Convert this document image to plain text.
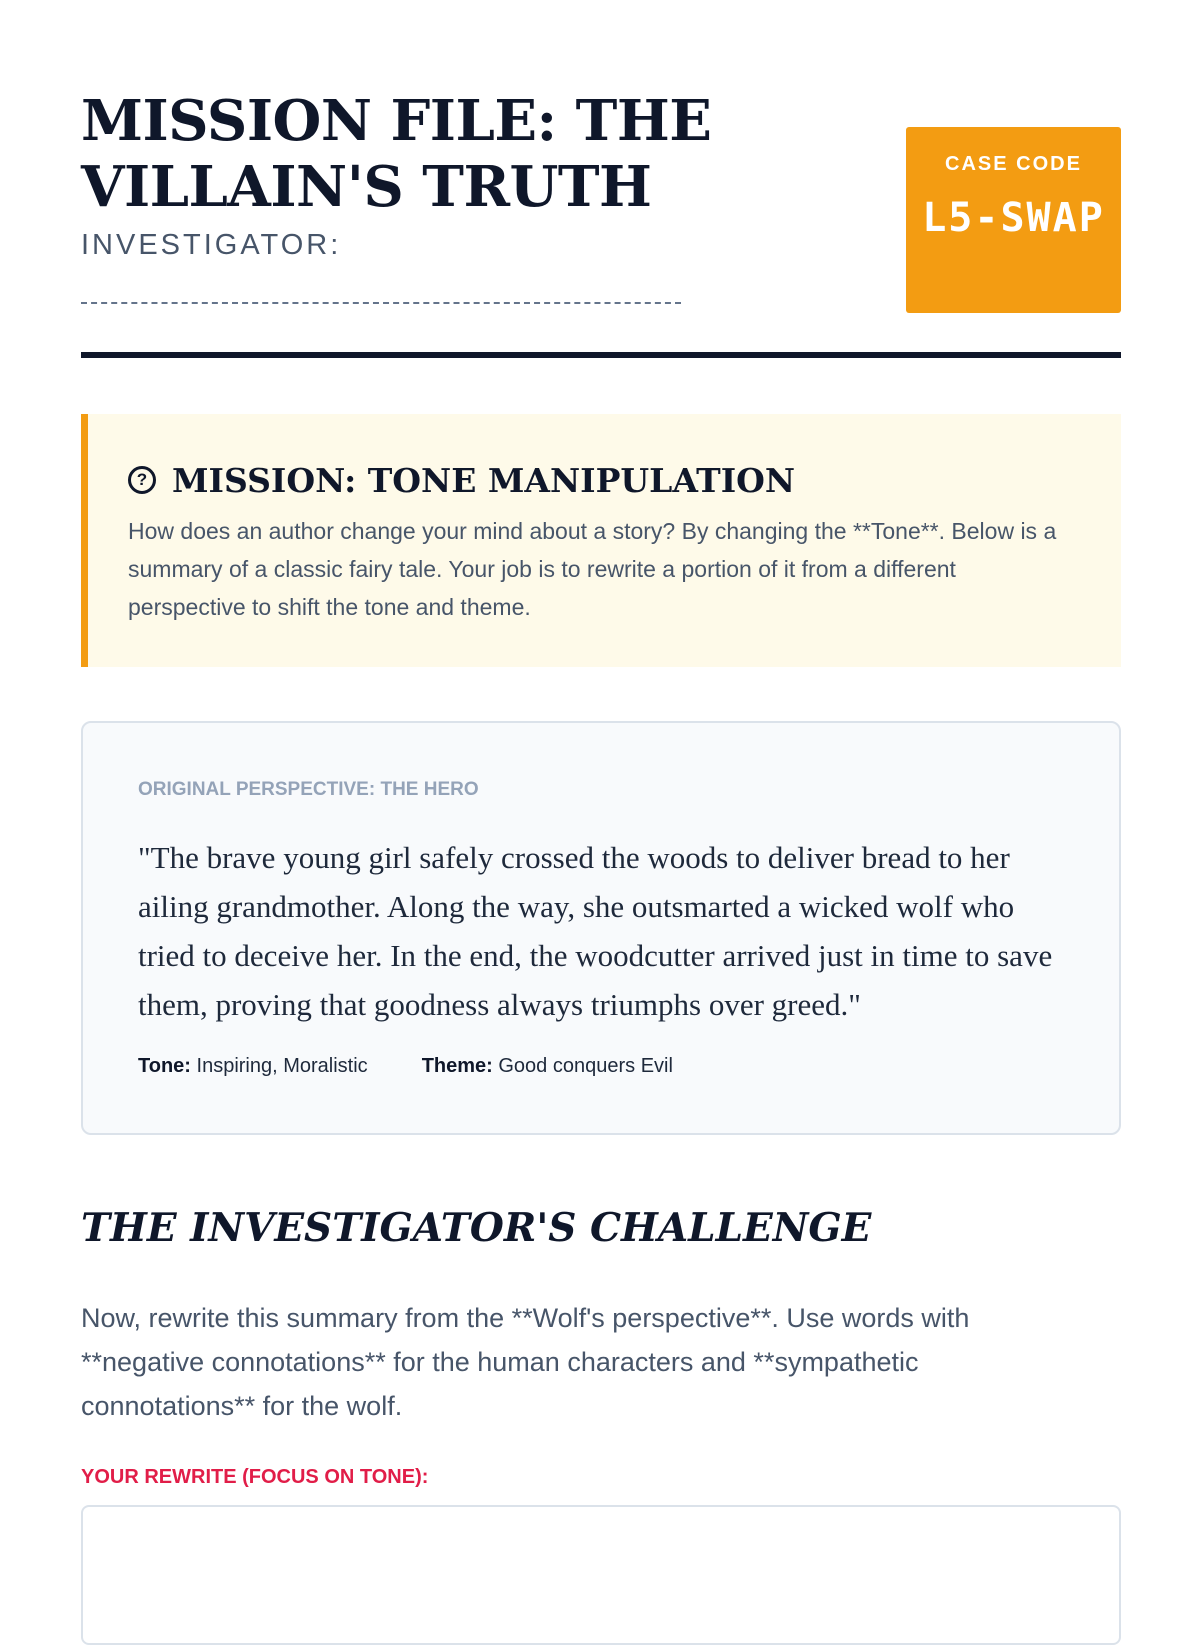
MISSION FILE: THE VILLAIN'S TRUTH
INVESTIGATOR:
CASE CODE
L5-SWAP
? MISSION: TONE MANIPULATION
How does an author change your mind about a story? By changing the **Tone**. Below is a summary of a classic fairy tale. Your job is to rewrite a portion of it from a different perspective to shift the tone and theme.
ORIGINAL PERSPECTIVE: THE HERO
"The brave young girl safely crossed the woods to deliver bread to her ailing grandmother. Along the way, she outsmarted a wicked wolf who tried to deceive her. In the end, the woodcutter arrived just in time to save them, proving that goodness always triumphs over greed."
Tone: Inspiring, Moralistic	Theme: Good conquers Evil
THE INVESTIGATOR'S CHALLENGE
Now, rewrite this summary from the **Wolf's perspective**. Use words with **negative connotations** for the human characters and **sympathetic connotations** for the wolf.
YOUR REWRITE (FOCUS ON TONE):
